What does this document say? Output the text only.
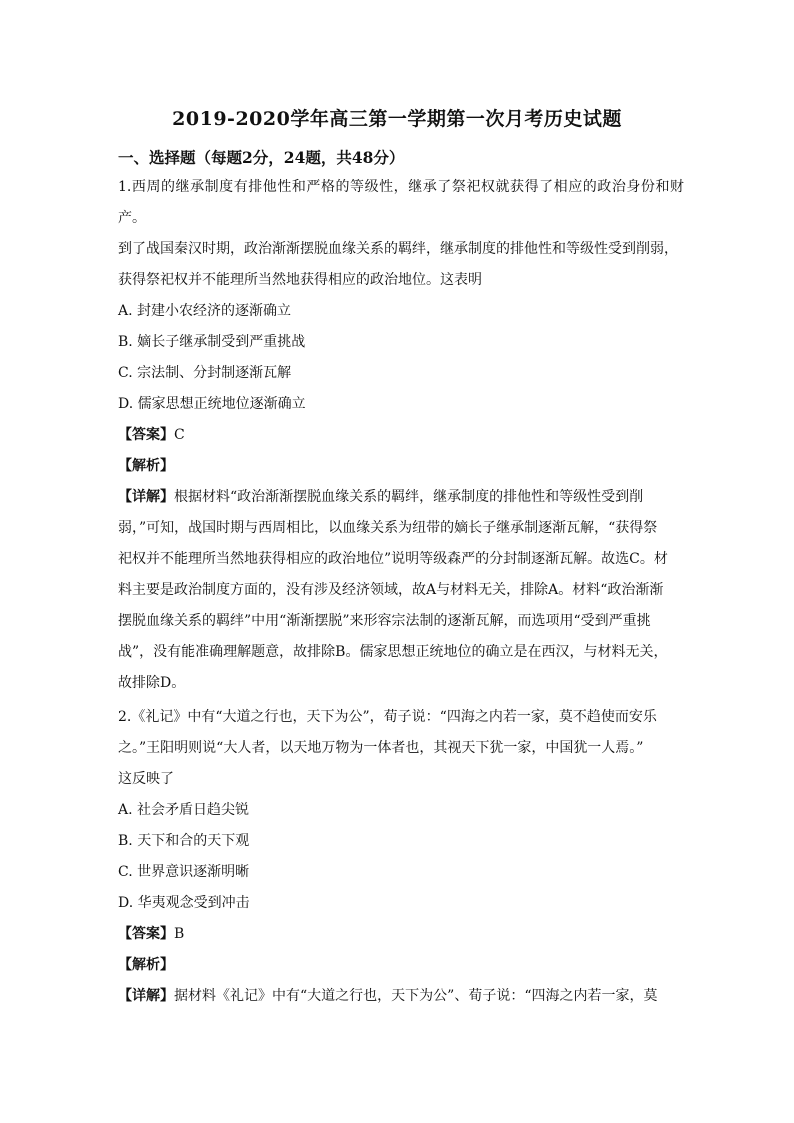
2019-2020学年高三第一学期第一次月考历史试题
一、选择题（每题2分，24题，共48分）

1.西周的继承制度有排他性和严格的等级性，继承了祭祀权就获得了相应的政治身份和财产。

到了战国秦汉时期，政治渐渐摆脱血缘关系的羁绊，继承制度的排他性和等级性受到削弱，

获得祭祀权并不能理所当然地获得相应的政治地位。这表明

A. 封建小农经济的逐渐确立

B. 嫡长子继承制受到严重挑战

C. 宗法制、分封制逐渐瓦解

D. 儒家思想正统地位逐渐确立

【答案】C

【解析】

【详解】根据材料“政治渐渐摆脱血缘关系的羁绊，继承制度的排他性和等级性受到削

弱，”可知，战国时期与西周相比，以血缘关系为纽带的嫡长子继承制逐渐瓦解，“获得祭

祀权并不能理所当然地获得相应的政治地位”说明等级森严的分封制逐渐瓦解。故选C。材

料主要是政治制度方面的，没有涉及经济领域，故A与材料无关，排除A。材料“政治渐渐

摆脱血缘关系的羁绊”中用“渐渐摆脱”来形容宗法制的逐渐瓦解，而选项用“受到严重挑

战”，没有能准确理解题意，故排除B。儒家思想正统地位的确立是在西汉，与材料无关，

故排除D。

2.《礼记》中有“大道之行也，天下为公”，荀子说：“四海之内若一家，莫不趋使而安乐

之。”王阳明则说“大人者，以天地万物为一体者也，其视天下犹一家，中国犹一人焉。”

这反映了

A. 社会矛盾日趋尖锐

B. 天下和合的天下观

C. 世界意识逐渐明晰

D. 华夷观念受到冲击

【答案】B

【解析】

【详解】据材料《礼记》中有“大道之行也，天下为公”、荀子说：“四海之内若一家，莫
